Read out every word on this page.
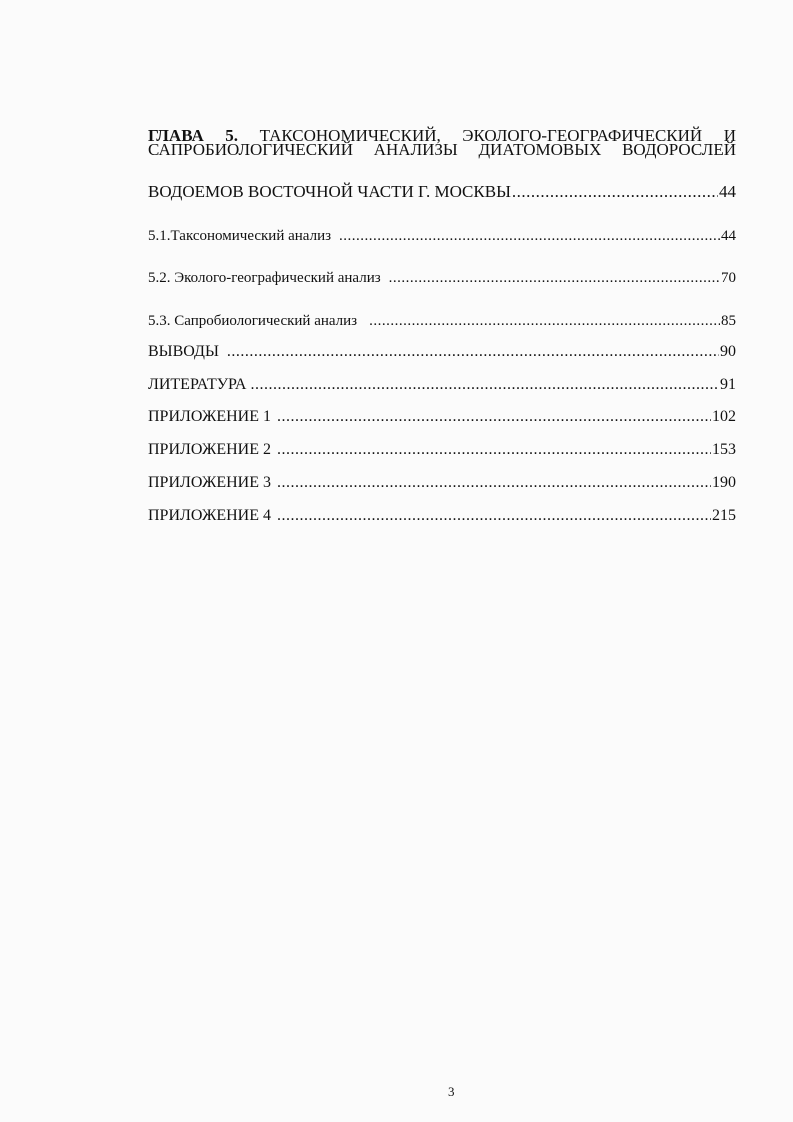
ГЛАВА 5. ТАКСОНОМИЧЕСКИЙ, ЭКОЛОГО-ГЕОГРАФИЧЕСКИЙ И
САПРОБИОЛОГИЧЕСКИЙ АНАЛИЗЫ ДИАТОМОВЫХ ВОДОРОСЛЕЙ
ВОДОЕМОВ ВОСТОЧНОЙ ЧАСТИ Г. МОСКВЫ .....	44
5.1.Таксономический анализ .....	44
5.2. Эколого-географический анализ .....	70
5.3. Сапробиологический анализ .....	85
ВЫВОДЫ .....	90
ЛИТЕРАТУРА .....	91
ПРИЛОЖЕНИЕ 1 .....	102
ПРИЛОЖЕНИЕ 2 .....	153
ПРИЛОЖЕНИЕ 3 .....	190
ПРИЛОЖЕНИЕ 4 .....	215
3
